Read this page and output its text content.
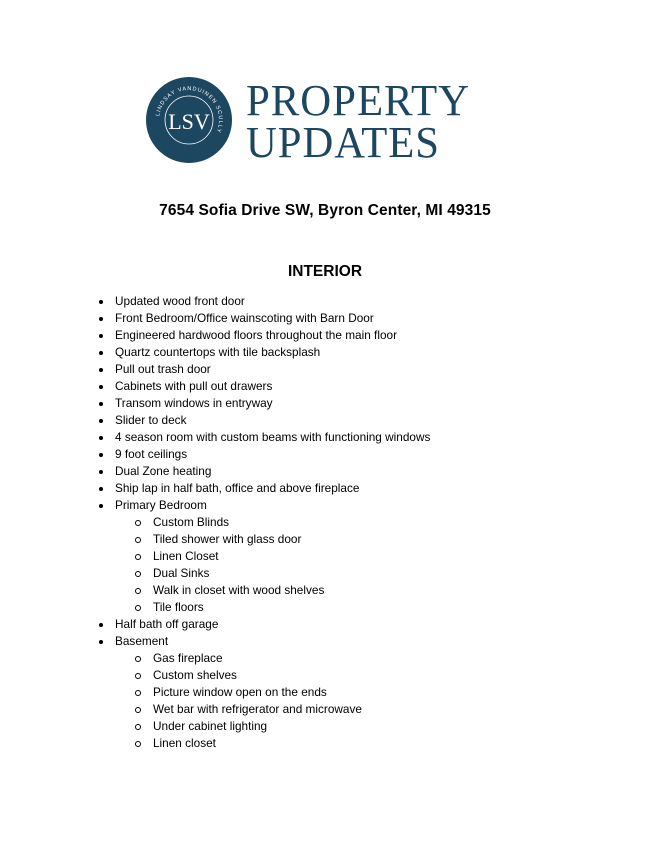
LINDSAY VANDUINEN SCULLY
LSV PROPERTY
UPDATES
7654 Sofia Drive SW, Byron Center, MI 49315
INTERIOR
Updated wood front door
Front Bedroom/Office wainscoting with Barn Door
Engineered hardwood floors throughout the main floor
Quartz countertops with tile backsplash
Pull out trash door
Cabinets with pull out drawers
Transom windows in entryway
Slider to deck
4 season room with custom beams with functioning windows
9 foot ceilings
Dual Zone heating
Ship lap in half bath, office and above fireplace
Primary Bedroom
Custom Blinds
Tiled shower with glass door
Linen Closet
Dual Sinks
Walk in closet with wood shelves
Tile floors
Half bath off garage
Basement
Gas fireplace
Custom shelves
Picture window open on the ends
Wet bar with refrigerator and microwave
Under cabinet lighting
Linen closet
